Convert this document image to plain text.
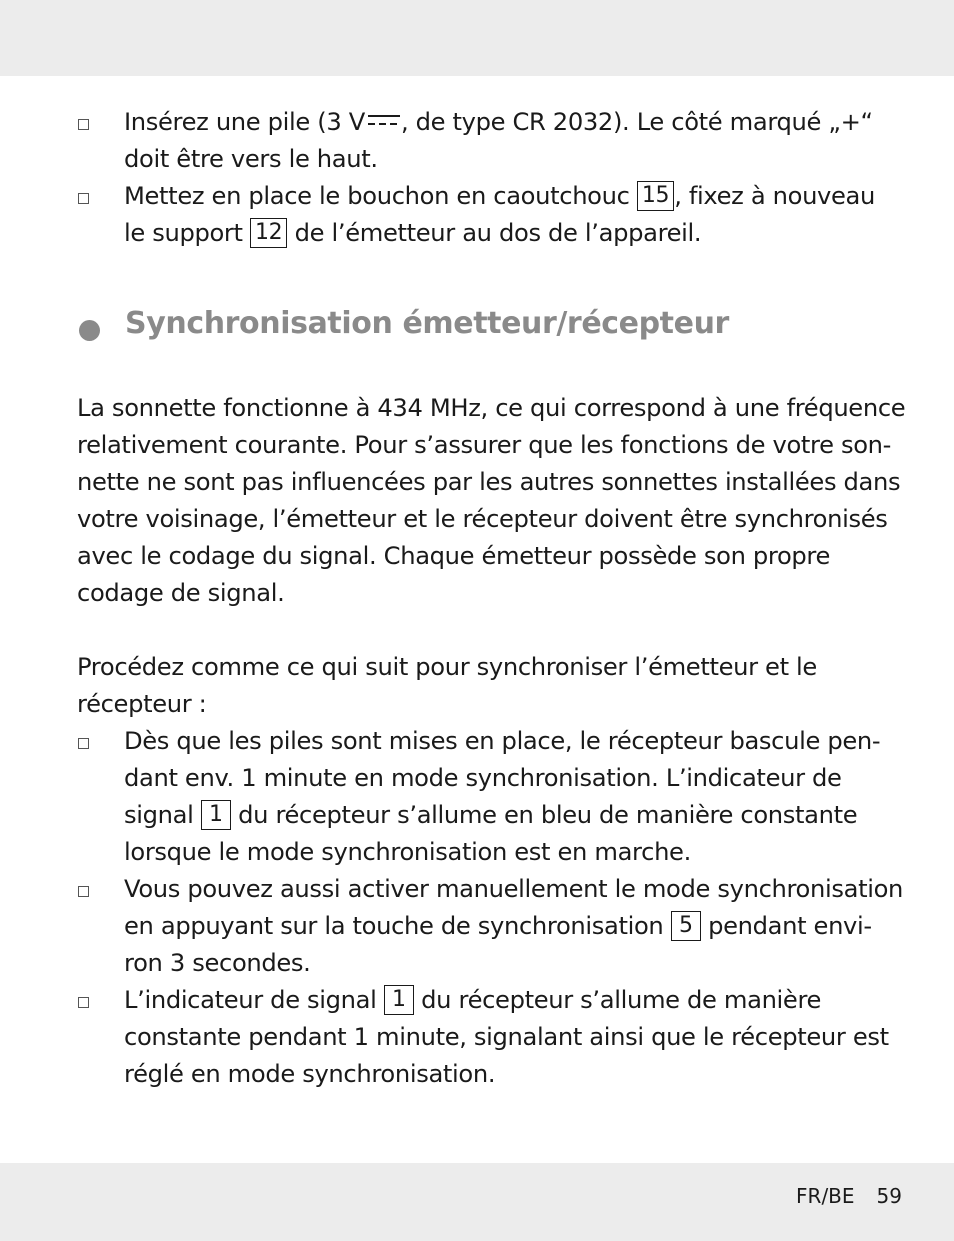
Insérez une pile (3 V , de type CR 2032). Le côté marqué „+“
doit être vers le haut.
Mettez en place le bouchon en caoutchouc 15 , fixez à nouveau
le support 12 de l’émetteur au dos de l’appareil.
Synchronisation émetteur/récepteur
La sonnette fonctionne à 434 MHz, ce qui correspond à une fréquence
relativement courante. Pour s’assurer que les fonctions de votre son-
nette ne sont pas influencées par les autres sonnettes installées dans
votre voisinage, l’émetteur et le récepteur doivent être synchronisés
avec le codage du signal. Chaque émetteur possède son propre
codage de signal.
Procédez comme ce qui suit pour synchroniser l’émetteur et le
récepteur :
Dès que les piles sont mises en place, le récepteur bascule pen-
dant env. 1 minute en mode synchronisation. L’indicateur de
signal 1 du récepteur s’allume en bleu de manière constante
lorsque le mode synchronisation est en marche.
Vous pouvez aussi activer manuellement le mode synchronisation
en appuyant sur la touche de synchronisation 5 pendant envi-
ron 3 secondes.
L’indicateur de signal 1 du récepteur s’allume de manière
constante pendant 1 minute, signalant ainsi que le récepteur est
réglé en mode synchronisation.
FR/BE 59
